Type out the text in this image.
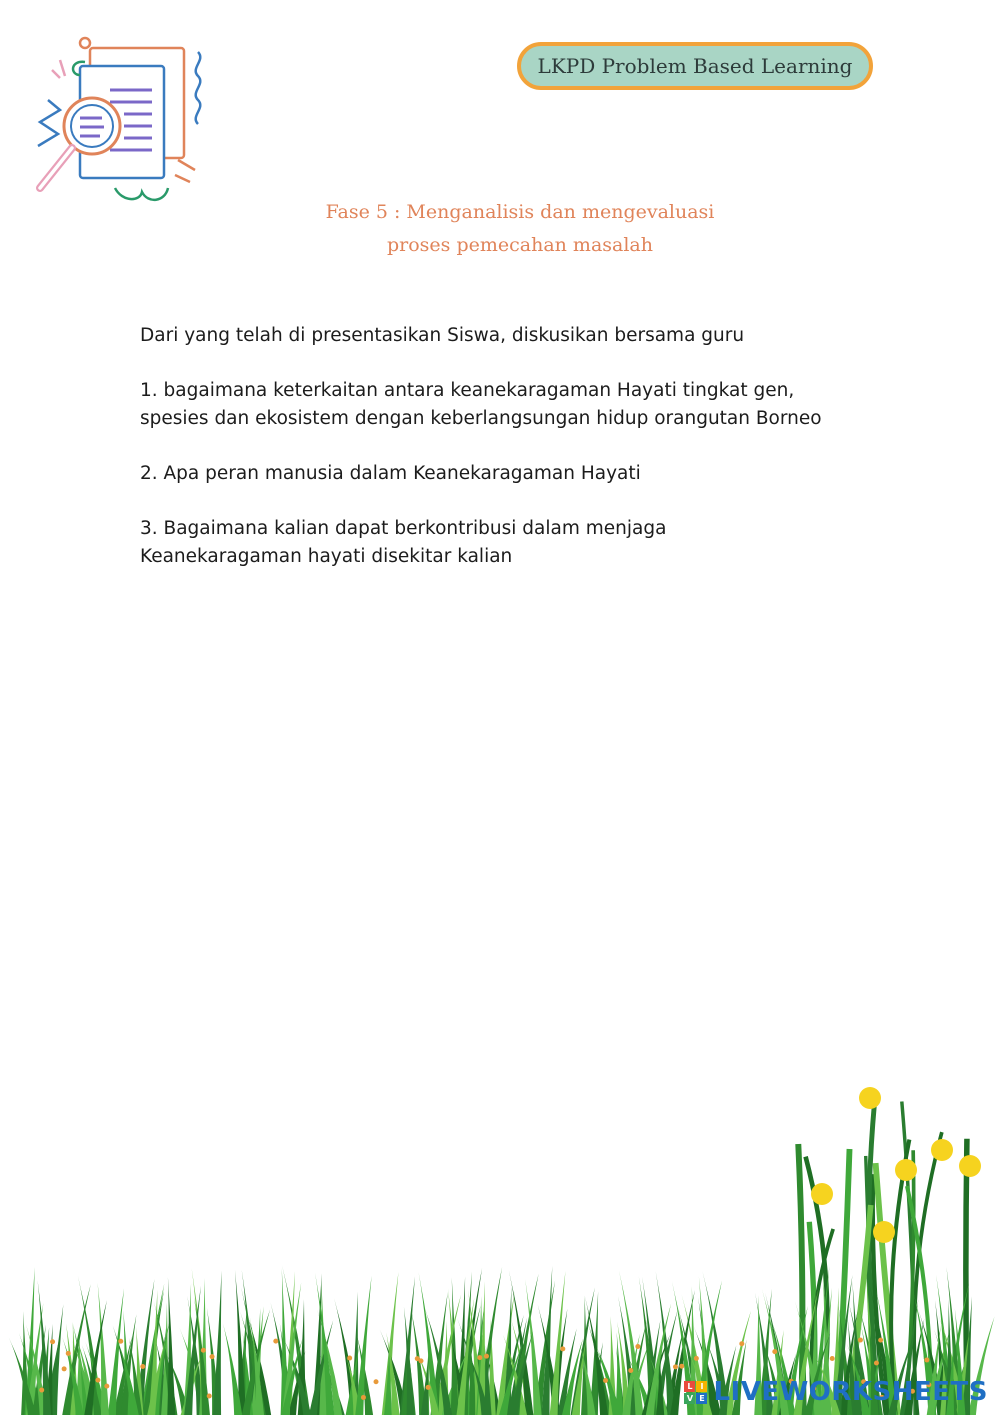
LKPD Problem Based Learning
Fase 5 : Menganalisis dan mengevaluasi
proses pemecahan masalah

Dari yang telah di presentasikan Siswa, diskusikan bersama guru

1. bagaimana keterkaitan antara keanekaragaman Hayati tingkat gen,
spesies dan ekosistem dengan keberlangsungan hidup orangutan Borneo

2. Apa peran manusia dalam Keanekaragaman Hayati

3. Bagaimana kalian dapat berkontribusi dalam menjaga
Keanekaragaman hayati disekitar kalian

L I
V E LIVEWORKSHEETS
